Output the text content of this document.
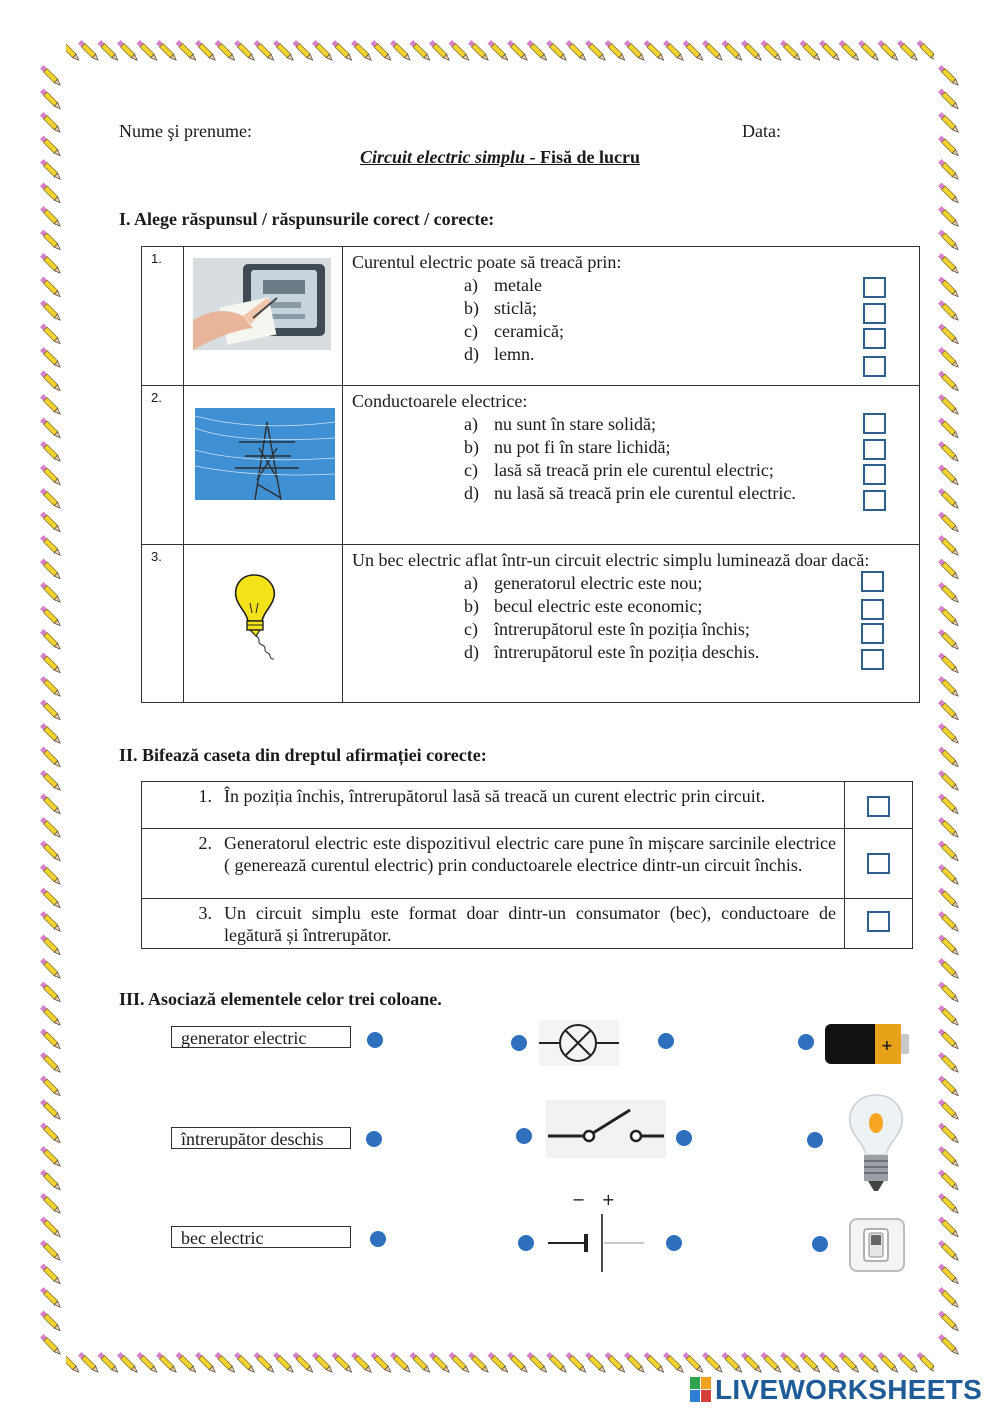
Nume şi prenume:	Data:
Circuit electric simplu - Fisă de lucru
I. Alege răspunsul / răspunsurile corect / corecte:
1.		Curentul electric poate să treacă prin:
a) metale
b) sticlă;
c) ceramică;
d) lemn.

2.		Conductoarele electrice:
a) nu sunt în stare solidă;
b) nu pot fi în stare lichidă;
c) lasă să treacă prin ele curentul electric;
d) nu lasă să treacă prin ele curentul electric.

3.		Un bec electric aflat într-un circuit electric simplu luminează doar dacă:
a) generatorul electric este nou;
b) becul electric este economic;
c) întrerupătorul este în poziția închis;
d) întrerupătorul este în poziția deschis.
II. Bifează caseta din dreptul afirmației corecte:
1.	În poziția închis, întrerupătorul lasă să treacă un curent electric prin circuit.	

2.	Generatorul electric este dispozitivul electric care pune în mișcare sarcinile electrice ( generează curentul electric) prin conductoarele electrice dintr-un circuit închis.	

3.	Un circuit simplu este format doar dintr-un consumator (bec), conductoare de legătură și întrerupător.	
III. Asociază elementele celor trei coloane.
generator electric
întrerupător deschis
bec electric
−  +
+
LIVEWORKSHEETS
